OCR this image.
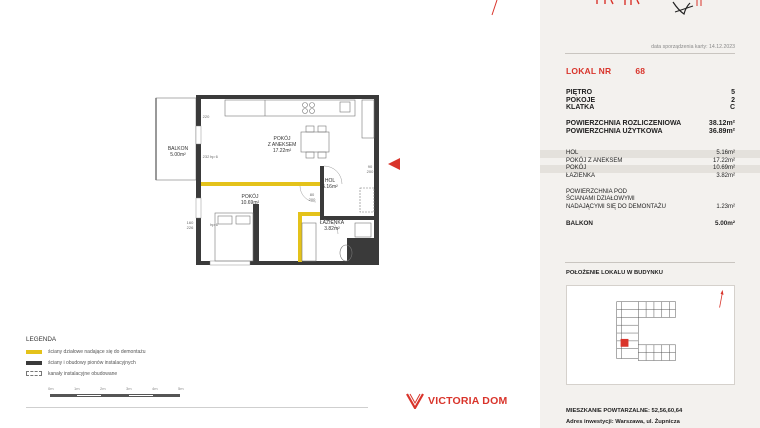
data sporządzenia karty: 14.12.2023
LOKAL NR	68
PIĘTRO	5
POKOJE	2
KLATKA	C
POWIERZCHNIA ROZLICZENIOWA	38.12m²
POWIERZCHNIA UŻYTKOWA	36.89m²
HOL	5.16m²
POKÓJ Z ANEKSEM	17.22m²
POKÓJ	10.69m²
ŁAZIENKA	3.82m²
POWIERZCHNIA POD
ŚCIANAMI DZIAŁOWYMI
NADAJĄCYMI SIĘ DO DEMONTAŻU	1.23m²
BALKON	5.00m²
POŁOŻENIE LOKALU W BUDYNKU
MIESZKANIE POWTARZALNE: 52,56,60,64
Adres inwestycji: Warszawa, ul. Żupnicza
POKÓJ
Z ANEKSEM
17.22m²
POKÓJ
10.69m²
HOL
5.16m²
ŁAZIENKA
3.82m²
BALKON
5.00m²
220
232
160
226
90
200
80
200
hp 6
hp 6
LEGENDA
ściany działowe nadające się do demontażu
ściany i obudowy pionów instalacyjnych
kanały instalacyjne obudowane
0m	1m	2m	3m	4m	5m
VICTORIA DOM
